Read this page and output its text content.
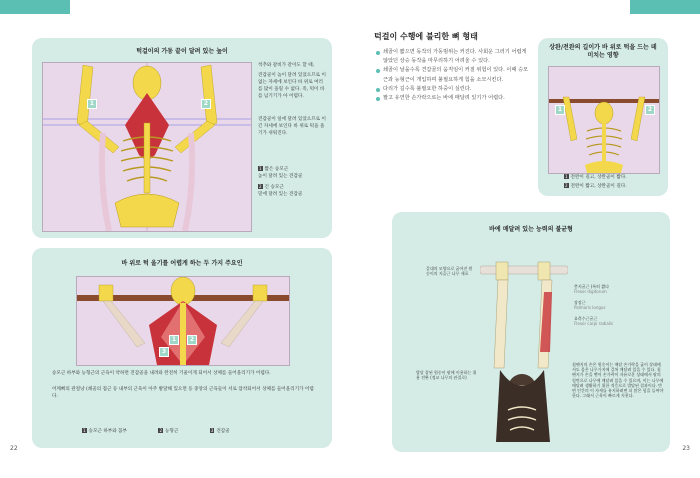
턱걸이의 가동 끝이 달려 있는 높이
1	2
척추와 갈비가 같이도 할 때,
견갑골이 높이 달려 있었으므로 이 없는 자세에 보인다 바 위로 여러를 많이 올릴 수 없다. 즉, 턱이 바를 넘기기가 아 어렵다.
견갑골이 일에 달려 있었으므로 이 긴 자세에 보인다 바 위로 턱을 올기가 쉬워진다.
1 짧은 승모근
높이 달려 있는 견갑골
2 긴 승모근
밑에 달려 있는 견갑골
바 위로 턱 올기를 어렵게 하는 두 가지 주요인
1	2
3
승모근 하부와 능형근의 근육이 약하면 견갑골을 내려와 완전히 기울이게 되어서 상체를 들어올리기가 어렵다.
어깨뼈의 관절낭 (쇄골의 접근 등 내부의 근육이 아주 발달해 있으면 등 중앙의 근육들이 서로 압착되어서 상체를 들어올리기가 어렵다.
1 승모근 하부와 꼼부	2 능형근	3 견갑골
22
턱걸이 수행에 불리한 뼈 형태
쇄골이 짧으면 동작의 가동범위는 커진다. 사회운 그러기 어렵게 않았던 상승 동작을 마무리하기 어려울 수 있다.
쇄골이 날을수록 견갑골의 움직임이 커질 위험이 있다. 이때 승모근과 능형근이 개입하며 불필요하게 힘을 소모시킨다.
다리가 길수록 불필요한 하중이 실린다.
팔고 유연한 손가락으로는 바에 매달려 있기가 어렵다.
상완/전완의 길이가 바 위로 턱을 드는 데 미치는 영향
1	2
1 전완이 길고, 상완골이 짧다.
2 전완이 짧고, 상완골이 길다.
바에 매달려 있는 능력의 불균형
같대의 모양으로 굽어진 원숭이의 지골근 나무 세포
충지굴근 (특히 짧다
Flexor digitorum
장장근
Palmaris longus
요측수근굴근
Flexor carpi radialis
발달 잘된 원숭이 팔에 이용하는 위용 전완 (정교 나무의 관절로)
침팬지의 손은 원숭이는 매달 손가락을 굽이 상태에서도 몸은 나무가지에 걸쳐 매달려 있을 수 있다. 침팬지가 손을 뻗어 손가락이 자유로운 상태에서 팔의 힘만으로 나무에 매달려 있을 수 있으며, 이는 나무에 매달려 생활하기 위한 적응으로 발달된 결과이다. 반면 인간의 이 자세를 유지하려면 더 많은 힘을 들여야 한다. 그래서 근육이 빠르게 지친다.
23
